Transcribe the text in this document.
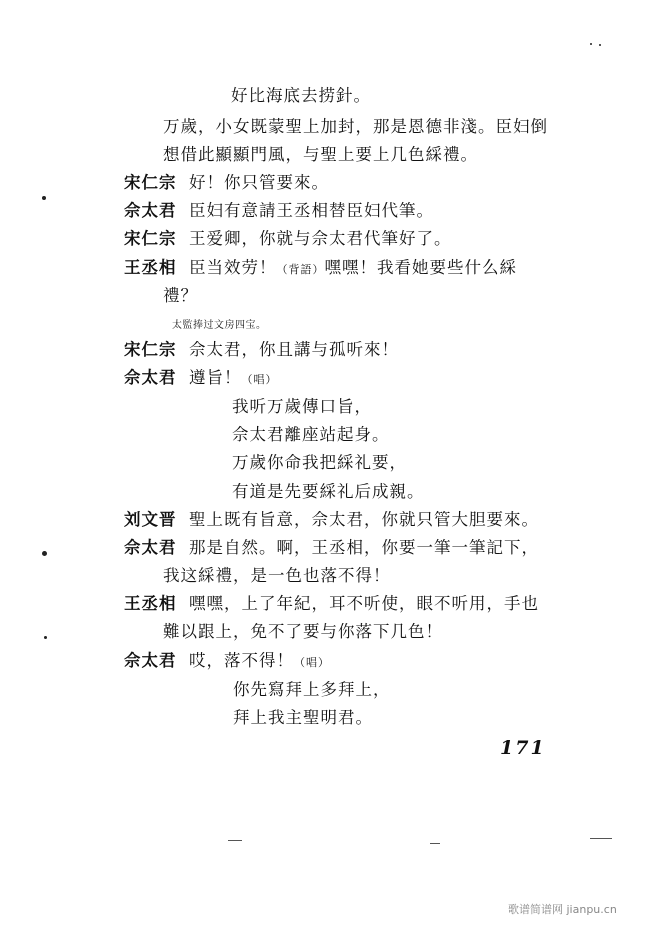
好比海底去捞針。
万歲，小女既蒙聖上加封，那是恩德非淺。臣妇倒
想借此顯顯門風，与聖上要上几色綵禮。
宋仁宗 好！你只管要來。
佘太君 臣妇有意請王丞相替臣妇代筆。
宋仁宗 王爱卿，你就与佘太君代筆好了。
王丞相 臣当效劳！（背語）嘿嘿！我看她要些什么綵
禮？
太監捧过文房四宝。
宋仁宗 佘太君，你且講与孤听來！
佘太君 遵旨！（唱）
我听万歲傳口旨，
佘太君離座站起身。
万歲你命我把綵礼要，
有道是先要綵礼后成親。
刘文晋 聖上既有旨意，佘太君，你就只管大胆要來。
佘太君 那是自然。啊，王丞相，你要一筆一筆記下，
我这綵禮，是一色也落不得！
王丞相 嘿嘿，上了年紀，耳不听使，眼不听用，手也
難以跟上，免不了要与你落下几色！
佘太君 哎，落不得！（唱）
你先寫拜上多拜上，
拜上我主聖明君。
171
歌谱简谱网 jianpu.cn
